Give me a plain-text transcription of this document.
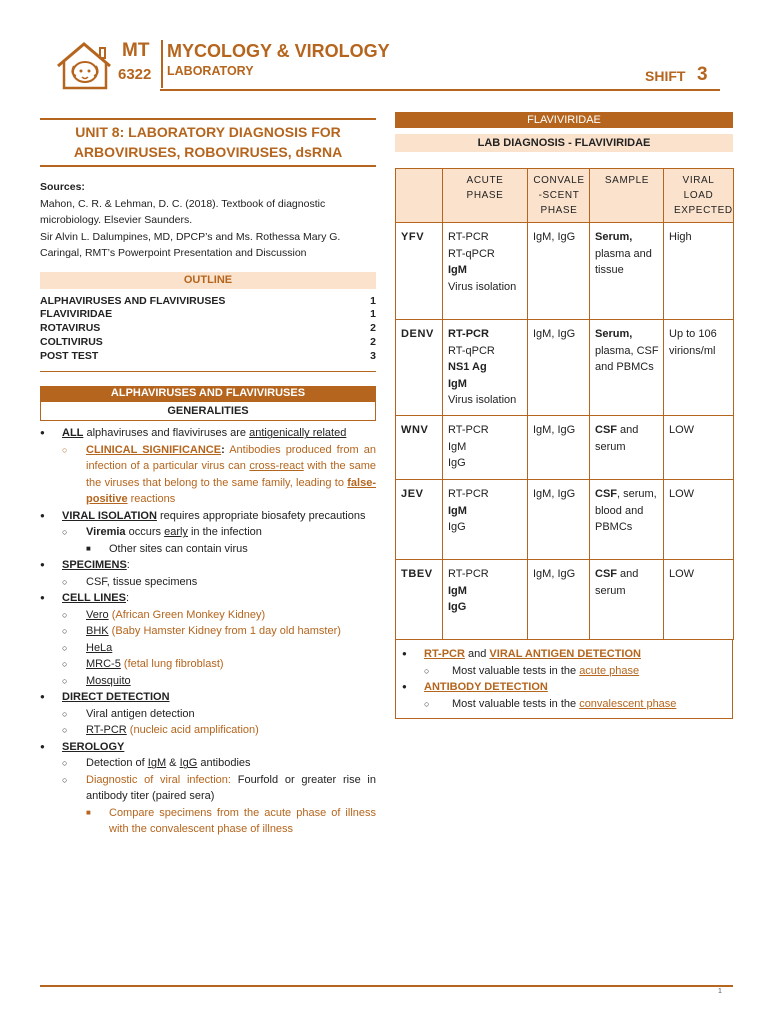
MT
6322
MYCOLOGY & VIROLOGY
LABORATORY	SHIFT 3
UNIT 8: LABORATORY DIAGNOSIS FOR
ARBOVIRUSES, ROBOVIRUSES, dsRNA
Sources:
Mahon, C. R. & Lehman, D. C. (2018). Textbook of diagnostic microbiology. Elsevier Saunders.
Sir Alvin L. Dalumpines, MD, DPCP’s and Ms. Rothessa Mary G. Caringal, RMT’s Powerpoint Presentation and Discussion
OUTLINE
ALPHAVIRUSES AND FLAVIVIRUSES	1
FLAVIVIRIDAE	1
ROTAVIRUS	2
COLTIVIRUS	2
POST TEST	3
ALPHAVIRUSES AND FLAVIVIRUSES
GENERALITIES
● ALL alphaviruses and flaviviruses are antigenically related
○ CLINICAL SIGNIFICANCE: Antibodies produced from an infection of a particular virus can cross-react with the same the viruses that belong to the same family, leading to false-positive reactions
● VIRAL ISOLATION requires appropriate biosafety precautions
○ Viremia occurs early in the infection
■ Other sites can contain virus
● SPECIMENS:
○ CSF, tissue specimens
● CELL LINES:
○ Vero (African Green Monkey Kidney)
○ BHK (Baby Hamster Kidney from 1 day old hamster)
○ HeLa
○ MRC-5 (fetal lung fibroblast)
○ Mosquito
● DIRECT DETECTION
○ Viral antigen detection
○ RT-PCR (nucleic acid amplification)
● SEROLOGY
○ Detection of IgM & IgG antibodies
○ Diagnostic of viral infection: Fourfold or greater rise in antibody titer (paired sera)
■ Compare specimens from the acute phase of illness with the convalescent phase of illness
FLAVIVIRIDAE
LAB DIAGNOSIS - FLAVIVIRIDAE
	ACUTE PHASE	CONVALE -SCENT PHASE	SAMPLE	VIRAL LOAD EXPECTED
YFV	RT-PCR
RT-qPCR
IgM
Virus isolation	IgM, IgG	Serum, plasma and tissue	High
DENV	RT-PCR
RT-qPCR
NS1 Ag
IgM
Virus isolation	IgM, IgG	Serum, plasma, CSF and PBMCs	Up to 106 virions/ml
WNV	RT-PCR
IgM
IgG	IgM, IgG	CSF and serum	LOW
JEV	RT-PCR
IgM
IgG	IgM, IgG	CSF, serum, blood and PBMCs	LOW
TBEV	RT-PCR
IgM
IgG	IgM, IgG	CSF and serum	LOW
● RT-PCR and VIRAL ANTIGEN DETECTION
○ Most valuable tests in the acute phase
● ANTIBODY DETECTION
○ Most valuable tests in the convalescent phase
1
